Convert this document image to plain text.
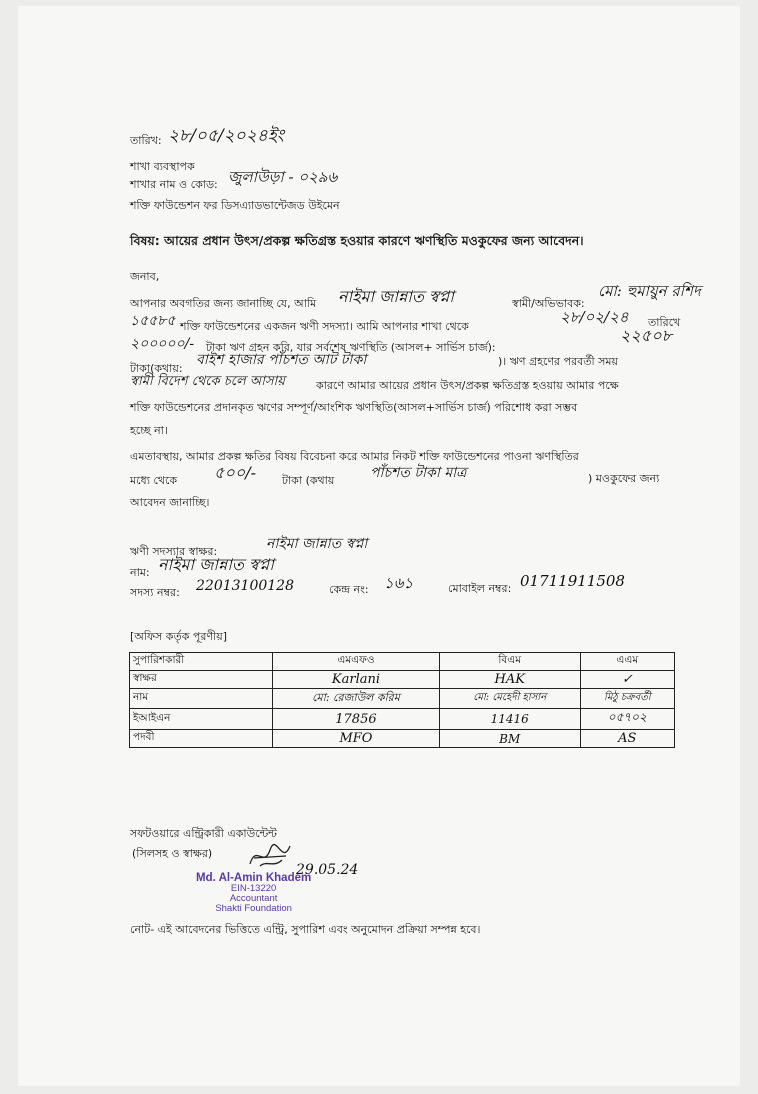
তারিখ: ২৮/০৫/২০২৪ইং
শাখা ব্যবস্থাপক
শাখার নাম ও কোড: জুলাউড়া - ০২৯৬
শক্তি ফাউন্ডেশন ফর ডিসএ্যাডভান্টেজড উইমেন
বিষয়: আয়ের প্রধান উৎস/প্রকল্প ক্ষতিগ্রস্ত হওয়ার কারণে ঋণস্থিতি মওকুফের জন্য আবেদন।
জনাব,
আপনার অবগতির জন্য জানাচ্ছি যে, আমি নাইমা জান্নাত স্বপ্না	স্বামী/অভিভাবক:
মো: হুমায়ুন রশিদ
১৫৫৮৫ শক্তি ফাউন্ডেশনের একজন ঋণী সদস্যা। আমি আপনার শাখা থেকে
২৮/০২/২৪ তারিখে
২০০০০০/- টাকা ঋণ গ্রহন করি, যার সর্বশেষ ঋণস্থিতি (আসল+ সার্ভিস চার্জ):
২২৫০৮
টাকা(কথায়:
বাইশ হাজার পাঁচশত আট টাকা	)। ঋণ গ্রহণের পরবর্তী সময়
স্বামী বিদেশ থেকে চলে আসায়	কারণে আমার আয়ের প্রধান উৎস/প্রকল্প ক্ষতিগ্রস্ত হওয়ায় আমার পক্ষে
শক্তি ফাউন্ডেশনের প্রদানকৃত ঋণের সম্পূর্ণ/আংশিক ঋণস্থিতি(আসল+সার্ভিস চার্জ) পরিশোধ করা সম্ভব
হচ্ছে না।
এমতাবস্থায়, আমার প্রকল্প ক্ষতির বিষয় বিবেচনা করে আমার নিকট শক্তি ফাউন্ডেশনের পাওনা ঋণস্থিতির
মধ্যে থেকে ৫০০/- টাকা (কথায়	পাঁচশত টাকা মাত্র	) মওকুফের জন্য
আবেদন জানাচ্ছি।
ঋণী সদস্যার স্বাক্ষর:	নাইমা জান্নাত স্বপ্না
নাম: নাইমা জান্নাত স্বপ্না
সদস্য নম্বর: 22013100128	কেন্দ্র নং: ১৬১	মোবাইল নম্বর: 01711911508
[অফিস কর্তৃক পূরণীয়]
সুপারিশকারী	এমএফও	বিএম	এএম
স্বাক্ষর	Karlani	HAK	✓
নাম	মো: রেজাউল করিম	মো: মেহেদী হাসান	মিঠু চক্রবর্তী
ইআইএন	17856	11416	০৫৭০২
পদবী	MFO	BM	AS
সফটওয়ারে এন্ট্রিকারী একাউন্টেন্ট
(সিলসহ ও স্বাক্ষর)
29.05.24
Md. Al-Amin Khadem
EIN-13220
Accountant
Shakti Foundation
নোট- এই আবেদনের ভিত্তিতে এন্ট্রি, সুপারিশ এবং অনুমোদন প্রক্রিয়া সম্পন্ন হবে।
